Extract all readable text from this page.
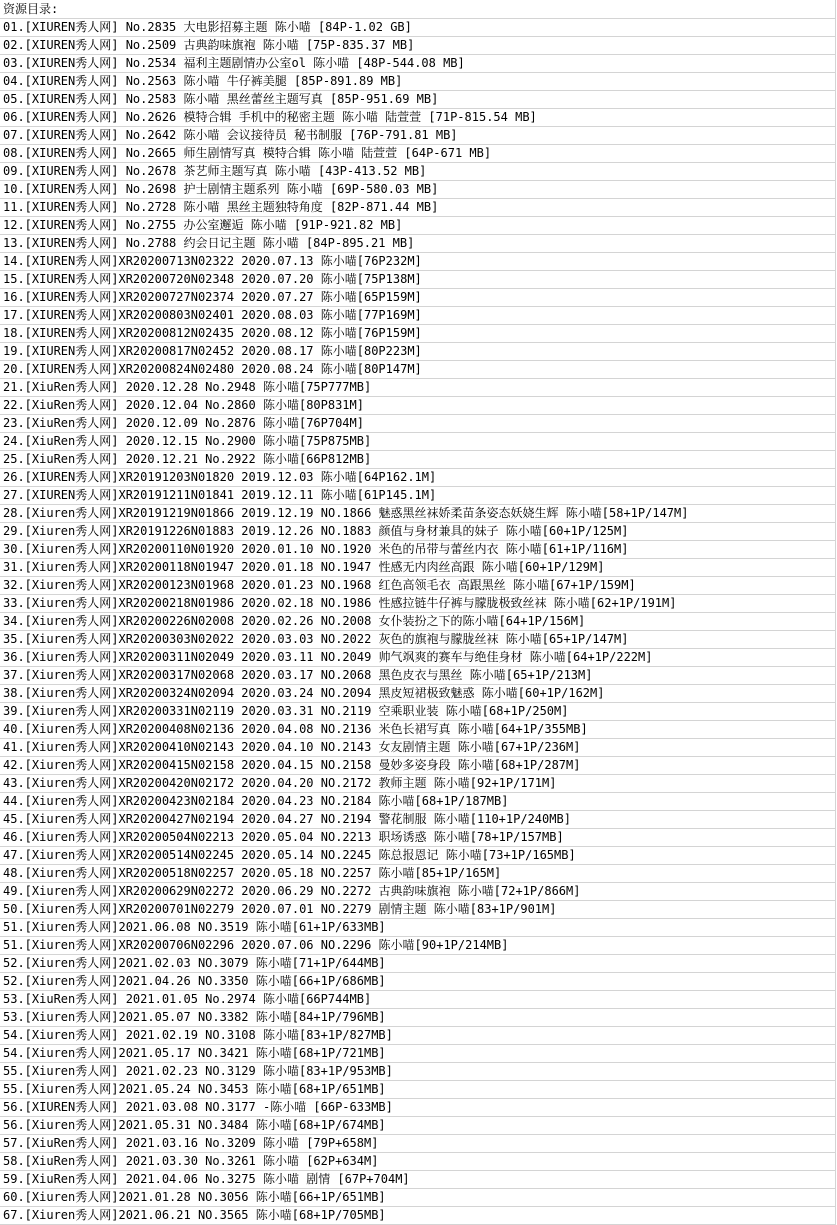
资源目录:
01.[XIUREN秀人网] No.2835 大电影招募主题 陈小喵 [84P-1.02 GB]
02.[XIUREN秀人网] No.2509 古典韵味旗袍 陈小喵 [75P-835.37 MB]
03.[XIUREN秀人网] No.2534 福利主题剧情办公室ol 陈小喵 [48P-544.08 MB]
04.[XIUREN秀人网] No.2563 陈小喵 牛仔裤美腿 [85P-891.89 MB]
05.[XIUREN秀人网] No.2583 陈小喵 黑丝蕾丝主题写真 [85P-951.69 MB]
06.[XIUREN秀人网] No.2626 模特合辑 手机中的秘密主题 陈小喵 陆萱萱 [71P-815.54 MB]
07.[XIUREN秀人网] No.2642 陈小喵 会议接待员 秘书制服 [76P-791.81 MB]
08.[XIUREN秀人网] No.2665 师生剧情写真 模特合辑 陈小喵 陆萱萱 [64P-671 MB]
09.[XIUREN秀人网] No.2678 茶艺师主题写真 陈小喵 [43P-413.52 MB]
10.[XIUREN秀人网] No.2698 护士剧情主题系列 陈小喵 [69P-580.03 MB]
11.[XIUREN秀人网] No.2728 陈小喵 黑丝主题独特角度 [82P-871.44 MB]
12.[XIUREN秀人网] No.2755 办公室邂逅 陈小喵 [91P-921.82 MB]
13.[XIUREN秀人网] No.2788 约会日记主题 陈小喵 [84P-895.21 MB]
14.[XIUREN秀人网]XR20200713N02322 2020.07.13 陈小喵[76P232M]
15.[XIUREN秀人网]XR20200720N02348 2020.07.20 陈小喵[75P138M]
16.[XIUREN秀人网]XR20200727N02374 2020.07.27 陈小喵[65P159M]
17.[XIUREN秀人网]XR20200803N02401 2020.08.03 陈小喵[77P169M]
18.[XIUREN秀人网]XR20200812N02435 2020.08.12 陈小喵[76P159M]
19.[XIUREN秀人网]XR20200817N02452 2020.08.17 陈小喵[80P223M]
20.[XIUREN秀人网]XR20200824N02480 2020.08.24 陈小喵[80P147M]
21.[XiuRen秀人网] 2020.12.28 No.2948 陈小喵[75P777MB]
22.[XiuRen秀人网] 2020.12.04 No.2860 陈小喵[80P831M]
23.[XiuRen秀人网] 2020.12.09 No.2876 陈小喵[76P704M]
24.[XiuRen秀人网] 2020.12.15 No.2900 陈小喵[75P875MB]
25.[XiuRen秀人网] 2020.12.21 No.2922 陈小喵[66P812MB]
26.[XIUREN秀人网]XR20191203N01820 2019.12.03 陈小喵[64P162.1M]
27.[XIUREN秀人网]XR20191211N01841 2019.12.11 陈小喵[61P145.1M]
28.[Xiuren秀人网]XR20191219N01866 2019.12.19 NO.1866 魅惑黑丝袜娇柔苗条姿态妖娆生辉 陈小喵[58+1P/147M]
29.[Xiuren秀人网]XR20191226N01883 2019.12.26 NO.1883 颜值与身材兼具的妹子 陈小喵[60+1P/125M]
30.[Xiuren秀人网]XR20200110N01920 2020.01.10 NO.1920 米色的吊带与蕾丝内衣 陈小喵[61+1P/116M]
31.[Xiuren秀人网]XR20200118N01947 2020.01.18 NO.1947 性感无内肉丝高跟 陈小喵[60+1P/129M]
32.[Xiuren秀人网]XR20200123N01968 2020.01.23 NO.1968 红色高领毛衣 高跟黑丝 陈小喵[67+1P/159M]
33.[Xiuren秀人网]XR20200218N01986 2020.02.18 NO.1986 性感拉链牛仔裤与朦胧极致丝袜 陈小喵[62+1P/191M]
34.[Xiuren秀人网]XR20200226N02008 2020.02.26 NO.2008 女仆装扮之下的陈小喵[64+1P/156M]
35.[Xiuren秀人网]XR20200303N02022 2020.03.03 NO.2022 灰色的旗袍与朦胧丝袜 陈小喵[65+1P/147M]
36.[Xiuren秀人网]XR20200311N02049 2020.03.11 NO.2049 帅气飒爽的赛车与绝佳身材 陈小喵[64+1P/222M]
37.[Xiuren秀人网]XR20200317N02068 2020.03.17 NO.2068 黑色皮衣与黑丝 陈小喵[65+1P/213M]
38.[Xiuren秀人网]XR20200324N02094 2020.03.24 NO.2094 黑皮短裙极致魅惑 陈小喵[60+1P/162M]
39.[Xiuren秀人网]XR20200331N02119 2020.03.31 NO.2119 空乘职业装 陈小喵[68+1P/250M]
40.[Xiuren秀人网]XR20200408N02136 2020.04.08 NO.2136 米色长裙写真 陈小喵[64+1P/355MB]
41.[Xiuren秀人网]XR20200410N02143 2020.04.10 NO.2143 女友剧情主题 陈小喵[67+1P/236M]
42.[Xiuren秀人网]XR20200415N02158 2020.04.15 NO.2158 曼妙多姿身段 陈小喵[68+1P/287M]
43.[Xiuren秀人网]XR20200420N02172 2020.04.20 NO.2172 教师主题 陈小喵[92+1P/171M]
44.[Xiuren秀人网]XR20200423N02184 2020.04.23 NO.2184 陈小喵[68+1P/187MB]
45.[Xiuren秀人网]XR20200427N02194 2020.04.27 NO.2194 警花制服 陈小喵[110+1P/240MB]
46.[Xiuren秀人网]XR20200504N02213 2020.05.04 NO.2213 职场诱惑 陈小喵[78+1P/157MB]
47.[Xiuren秀人网]XR20200514N02245 2020.05.14 NO.2245 陈总报恩记 陈小喵[73+1P/165MB]
48.[Xiuren秀人网]XR20200518N02257 2020.05.18 NO.2257 陈小喵[85+1P/165M]
49.[Xiuren秀人网]XR20200629N02272 2020.06.29 NO.2272 古典韵味旗袍 陈小喵[72+1P/866M]
50.[Xiuren秀人网]XR20200701N02279 2020.07.01 NO.2279 剧情主题 陈小喵[83+1P/901M]
51.[Xiuren秀人网]2021.06.08 NO.3519 陈小喵[61+1P/633MB]
51.[Xiuren秀人网]XR20200706N02296 2020.07.06 NO.2296 陈小喵[90+1P/214MB]
52.[Xiuren秀人网]2021.02.03 NO.3079 陈小喵[71+1P/644MB]
52.[Xiuren秀人网]2021.04.26 NO.3350 陈小喵[66+1P/686MB]
53.[XiuRen秀人网] 2021.01.05 No.2974 陈小喵[66P744MB]
53.[Xiuren秀人网]2021.05.07 NO.3382 陈小喵[84+1P/796MB]
54.[Xiuren秀人网] 2021.02.19 NO.3108 陈小喵[83+1P/827MB]
54.[Xiuren秀人网]2021.05.17 NO.3421 陈小喵[68+1P/721MB]
55.[Xiuren秀人网] 2021.02.23 NO.3129 陈小喵[83+1P/953MB]
55.[Xiuren秀人网]2021.05.24 NO.3453 陈小喵[68+1P/651MB]
56.[XIUREN秀人网] 2021.03.08 NO.3177 -陈小喵 [66P-633MB]
56.[Xiuren秀人网]2021.05.31 NO.3484 陈小喵[68+1P/674MB]
57.[XiuRen秀人网] 2021.03.16 No.3209 陈小喵 [79P+658M]
58.[XiuRen秀人网] 2021.03.30 No.3261 陈小喵 [62P+634M]
59.[XiuRen秀人网] 2021.04.06 No.3275 陈小喵 剧情 [67P+704M]
60.[Xiuren秀人网]2021.01.28 NO.3056 陈小喵[66+1P/651MB]
67.[Xiuren秀人网]2021.06.21 NO.3565 陈小喵[68+1P/705MB]
